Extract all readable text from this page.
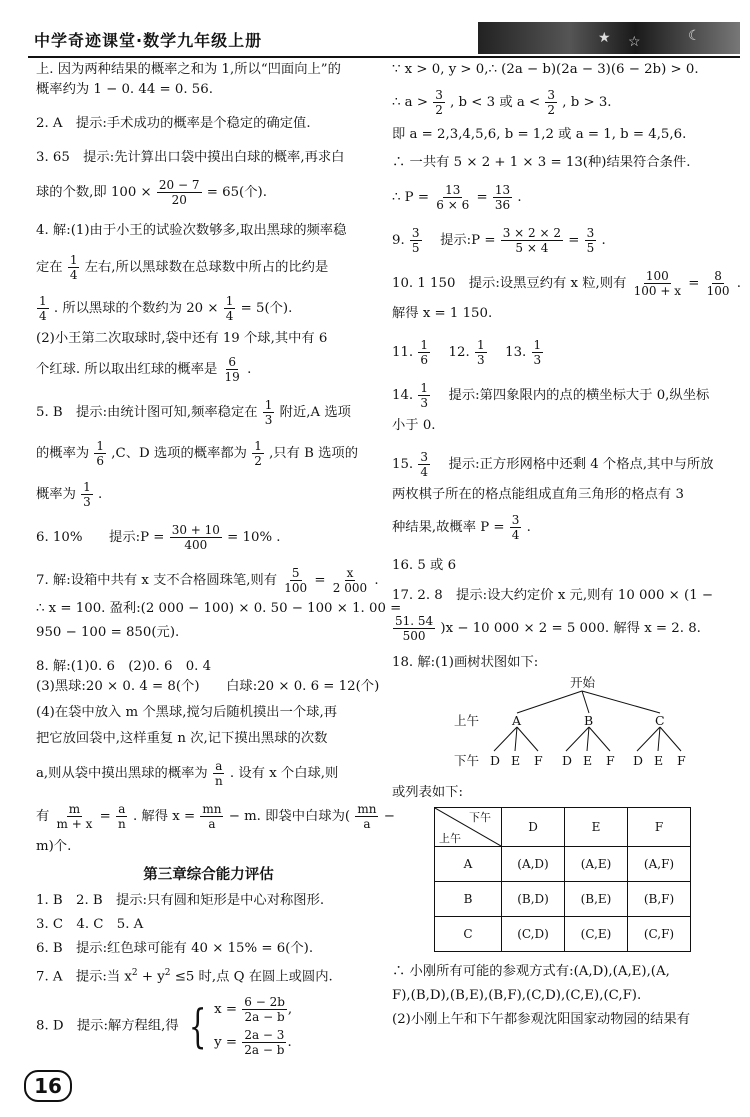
中学奇迹课堂·数学九年级上册	★ ☆	☾
上. 因为两种结果的概率之和为 1,所以“凹面向上”的
概率约为 1 − 0. 44 = 0. 56.
2. A　提示:手术成功的概率是个稳定的确定值.
3. 65　提示:先计算出口袋中摸出白球的概率,再求白
球的个数,即 $100 \times \frac{20 - 7}{20} = 65$(个).
4. 解:(1)由于小王的试验次数够多,取出黑球的频率稳
定在 $\frac{1}{4}$ 左右,所以黑球数在总球数中所占的比约是
$\frac{1}{4}$ . 所以黑球的个数约为 $20 \times \frac{1}{4} = 5$(个).
(2)小王第二次取球时,袋中还有 19 个球,其中有 6
个红球. 所以取出红球的概率是 $\frac{6}{19}$ .
5. B　提示:由统计图可知,频率稳定在 $\frac{1}{3}$ 附近,A 选项
的概率为 $\frac{1}{6} ,C$、D 选项的概率都为 $\frac{1}{2}$ ,只有 B 选项的
概率为 $\frac{1}{3}$ .
6. 10%　　提示:P = $\frac{30 + 10}{400} = 10\%$ .
7. 解:设箱中共有 x 支不合格圆珠笔,则有 $\frac{5}{100} = \frac{x}{2 000}$ .
∴ x = 100. 盈利:(2 000 − 100) × 0. 50 − 100 × 1. 00 =
950 − 100 = 850(元).
8. 解:(1)0. 6　(2)0. 6　0. 4
(3)黑球:20 × 0. 4 = 8(个)　　白球:20 × 0. 6 = 12(个)
(4)在袋中放入 m 个黑球,搅匀后随机摸出一个球,再
把它放回袋中,这样重复 n 次,记下摸出黑球的次数
a,则从袋中摸出黑球的概率为 $\frac{a}{n}$ . 设有 x 个白球,则
有 $\frac{m}{m + x} = \frac{a}{n}$ . 解得 $x = \frac{mn}{a} - m$. 即袋中白球为( $\frac{mn}{a}$ −
m)个.
第三章综合能力评估
1. B　2. B　提示:只有圆和矩形是中心对称图形.
3. C　4. C　5. A
6. B　提示:红色球可能有 40 × 15% = 6(个).
7. A　提示:当 $x^2 + y^2 \le 5$ 时,点 Q 在圆上或圆内.
8. D　提示:解方程组,得 { $x = \frac{6 - 2b}{2a - b}$ ,
$y = \frac{2a - 3}{2a - b}$ .
∵ x > 0, y > 0,∴ (2a − b)(2a − 3)(6 − 2b) > 0.
∴ $a > \frac{3}{2}$ , b < 3 或 $a < \frac{3}{2}$ , b > 3.
即 a = 2,3,4,5,6, b = 1,2 或 a = 1, b = 4,5,6.
∴ 一共有 5 × 2 + 1 × 3 = 13(种)结果符合条件.
∴ $P = \frac{13}{6 \times 6} = \frac{13}{36}$ .
9. $\frac{3}{5}$ 　提示:P = $\frac{3 \times 2 \times 2}{5 \times 4} = \frac{3}{5}$ .
10. 1 150　提示:设黑豆约有 x 粒,则有 $\frac{100}{100 + x} = \frac{8}{100}$ .
解得 x = 1 150.
11. $\frac{1}{6}$ 　12. $\frac{1}{3}$ 　13. $\frac{1}{3}$
14. $\frac{1}{3}$ 　提示:第四象限内的点的横坐标大于 0,纵坐标
小于 0.
15. $\frac{3}{4}$ 　提示:正方形网格中还剩 4 个格点,其中与所放
两枚棋子所在的格点能组成直角三角形的格点有 3
种结果,故概率 $P = \frac{3}{4}$ .
16. 5 或 6
17. 2. 8　提示:设大约定价 x 元,则有 10 000 × (1 −
$\frac{51. 54}{500} )x - 10$ 000 × 2 = 5 000. 解得 x = 2. 8.
18. 解:(1)画树状图如下:
开始
上午
下午
A	B	C
D E F D E F D E F
或列表如下:
下午
上午	D	E	F
A	(A,D)	(A,E)	(A,F)
B	(B,D)	(B,E)	(B,F)
C	(C,D)	(C,E)	(C,F)
∴ 小刚所有可能的参观方式有:(A,D),(A,E),(A,
F),(B,D),(B,E),(B,F),(C,D),(C,E),(C,F).
(2)小刚上午和下午都参观沈阳国家动物园的结果有
16
